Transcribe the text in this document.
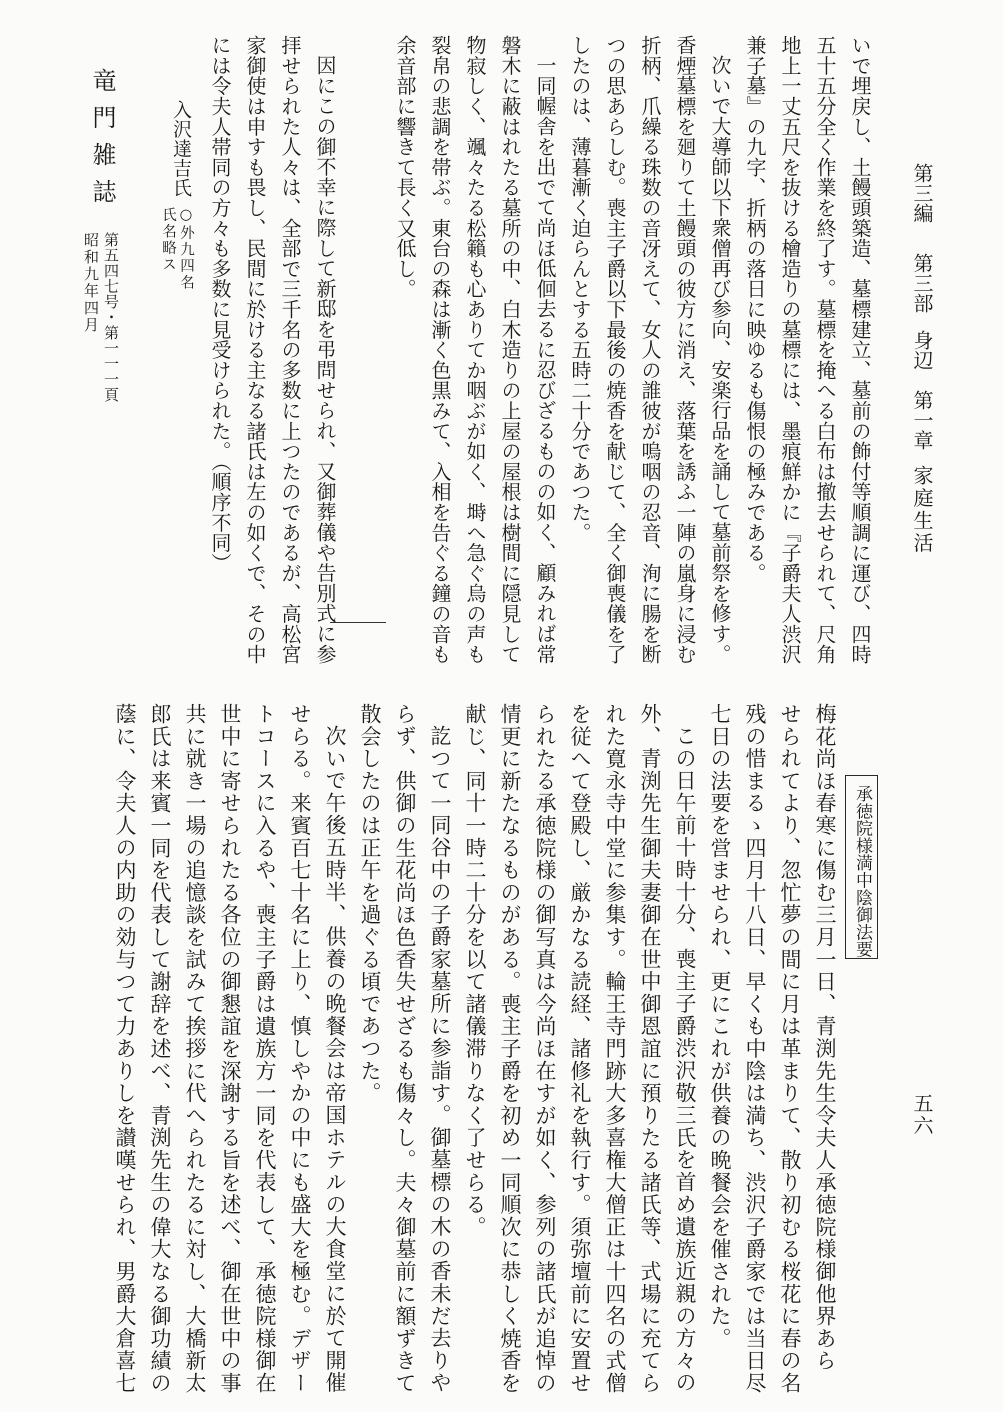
第三編
第三部
身辺
第一章
家庭生活
いで埋戻し、土饅頭築造、墓標建立、墓前の飾付等順調に運び、四時
五十五分全く作業を終了す。墓標を掩へる白布は撤去せられて、尺角
地上一丈五尺を抜ける檜造りの墓標には、墨痕鮮かに『子爵夫人渋沢
兼子墓』の九字、折柄の落日に映ゆるも傷恨の極みである。
次いで大導師以下衆僧再び参向、安楽行品を誦して墓前祭を修す。
香煙墓標を廻りて土饅頭の彼方に消え、落葉を誘ふ一陣の嵐身に浸む
折柄、爪繰る珠数の音冴えて、女人の誰彼が嗚咽の忍音、洵に腸を断
つの思あらしむ。喪主子爵以下最後の焼香を献じて、全く御喪儀を了
したのは、薄暮漸く迫らんとする五時二十分であつた。
一同幄舎を出でて尚ほ低佪去るに忍びざるものの如く、顧みれば常
磐木に蔽はれたる墓所の中、白木造りの上屋の屋根は樹間に隠見して
物寂しく、颯々たる松籟も心ありてか咽ぶが如く、塒へ急ぐ烏の声も
裂帛の悲調を帯ぶ。東台の森は漸く色黒みて、入相を告ぐる鐘の音も
余音部に響きて長く又低し。
因にこの御不幸に際して新邸を弔問せられ、又御葬儀や告別式に参
拝せられた人々は、全部で三千名の多数に上つたのであるが、高松宮
家御使は申すも畏し、民間に於ける主なる諸氏は左の如くで、その中
には令夫人帯同の方々も多数に見受けられた。（順序不同）
入沢達吉氏
○外九四名
氏名略ス
竜門雑誌
第五四七号・第一一一頁
昭和九年四月
承徳院様満中陰御法要
梅花尚ほ春寒に傷む三月一日、青渕先生令夫人承徳院様御他界あら
せられてより、忽忙夢の間に月は革まりて、散り初むる桜花に春の名
残の惜まるゝ四月十八日、早くも中陰は満ち、渋沢子爵家では当日尽
七日の法要を営ませられ、更にこれが供養の晩餐会を催された。
この日午前十時十分、喪主子爵渋沢敬三氏を首め遺族近親の方々の
外、青渕先生御夫妻御在世中御恩誼に預りたる諸氏等、式場に充てら
れた寛永寺中堂に参集す。輪王寺門跡大多喜権大僧正は十四名の式僧
を従へて登殿し、厳かなる読経、諸修礼を執行す。須弥壇前に安置せ
られたる承徳院様の御写真は今尚ほ在すが如く、参列の諸氏が追悼の
情更に新たなるものがある。喪主子爵を初め一同順次に恭しく焼香を
献じ、同十一時二十分を以て諸儀滞りなく了せらる。
訖つて一同谷中の子爵家墓所に参詣す。御墓標の木の香未だ去りや
らず、供御の生花尚ほ色香失せざるも傷々し。夫々御墓前に額ずきて
散会したのは正午を過ぐる頃であつた。
次いで午後五時半、供養の晩餐会は帝国ホテルの大食堂に於て開催
せらる。来賓百七十名に上り、慎しやかの中にも盛大を極む。デザー
トコースに入るや、喪主子爵は遺族方一同を代表して、承徳院様御在
世中に寄せられたる各位の御懇誼を深謝する旨を述べ、御在世中の事
共に就き一場の追憶談を試みて挨拶に代へられたるに対し、大橋新太
郎氏は来賓一同を代表して謝辞を述べ、青渕先生の偉大なる御功績の
蔭に、令夫人の内助の効与つて力ありしを讃嘆せられ、男爵大倉喜七	五六
